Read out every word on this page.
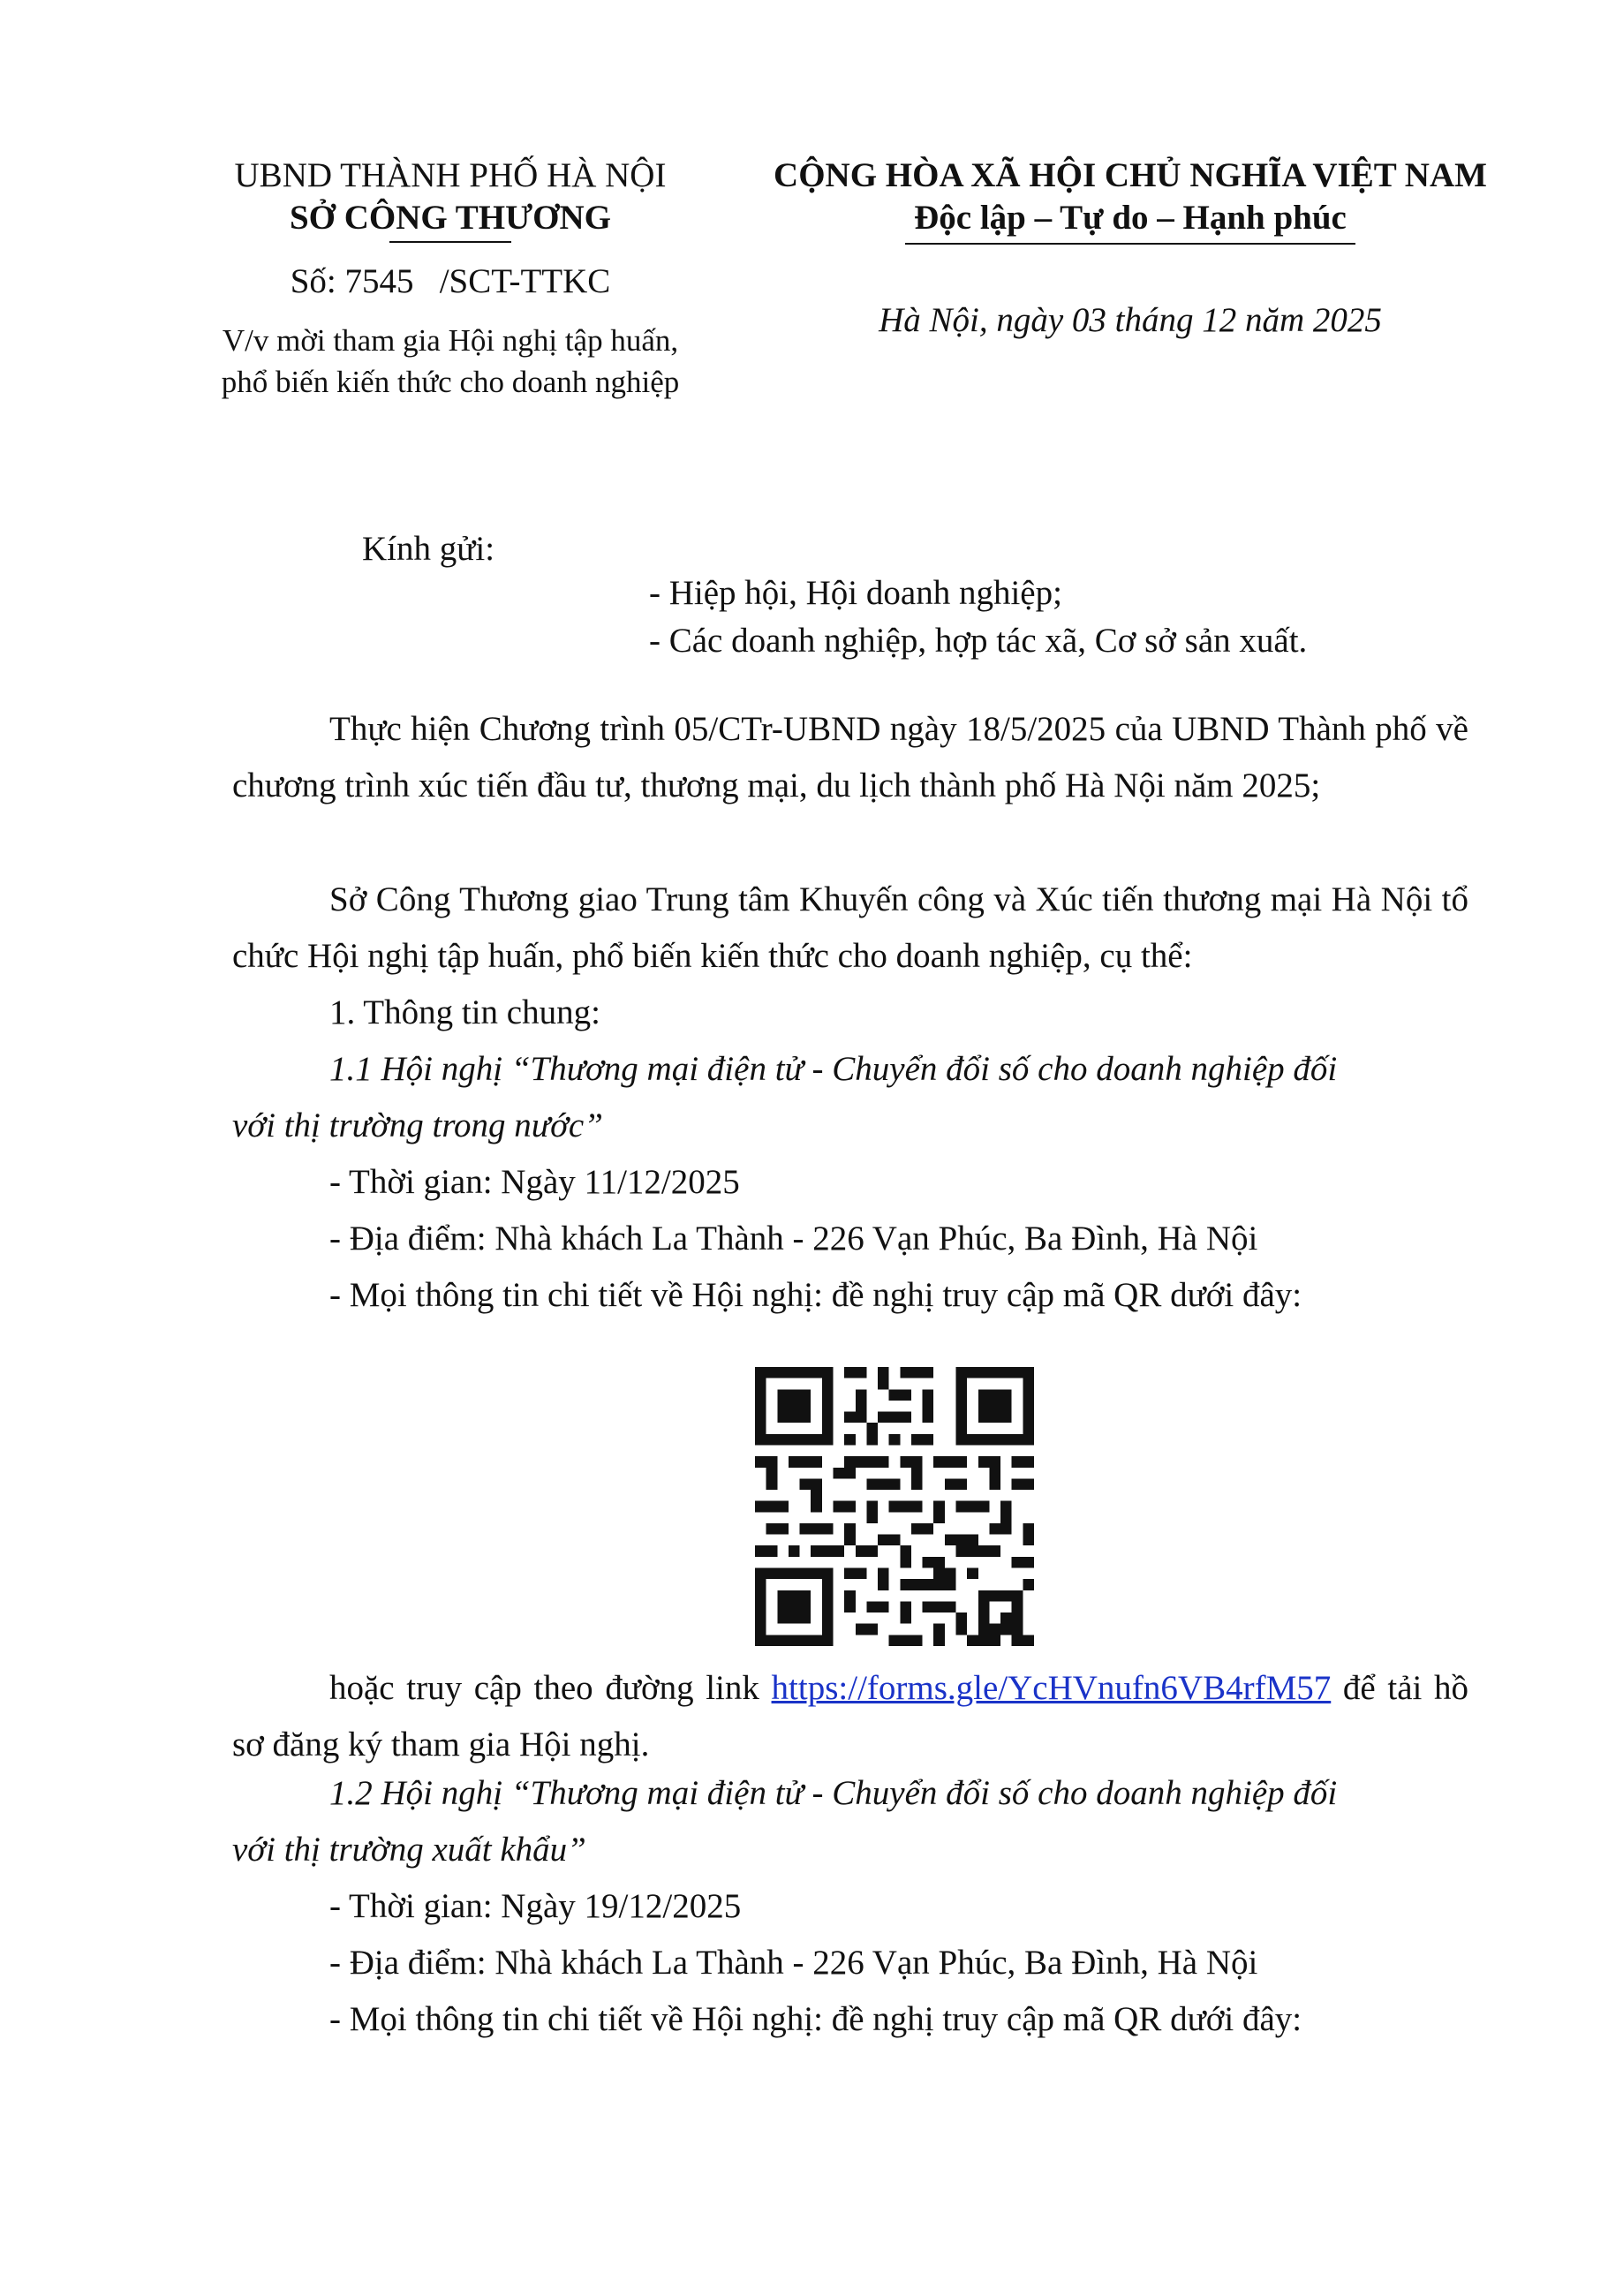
UBND THÀNH PHỐ HÀ NỘI
SỞ CÔNG THƯƠNG
CỘNG HÒA XÃ HỘI CHỦ NGHĨA VIỆT NAM
Độc lập – Tự do – Hạnh phúc
Số: 7545   /SCT-TTKC
V/v mời tham gia Hội nghị tập huấn,
phổ biến kiến thức cho doanh nghiệp
Hà Nội, ngày 03 tháng 12 năm 2025
Kính gửi:
- Hiệp hội, Hội doanh nghiệp;
- Các doanh nghiệp, hợp tác xã, Cơ sở sản xuất.
Thực hiện Chương trình 05/CTr-UBND ngày 18/5/2025 của UBND Thành phố về chương trình xúc tiến đầu tư, thương mại, du lịch thành phố Hà Nội năm 2025;
Sở Công Thương giao Trung tâm Khuyến công và Xúc tiến thương mại Hà Nội tổ chức Hội nghị tập huấn, phổ biến kiến thức cho doanh nghiệp, cụ thể:
1. Thông tin chung:
1.1 Hội nghị “Thương mại điện tử - Chuyển đổi số cho doanh nghiệp đối
với thị trường trong nước”
- Thời gian: Ngày 11/12/2025
- Địa điểm: Nhà khách La Thành - 226 Vạn Phúc, Ba Đình, Hà Nội
- Mọi thông tin chi tiết về Hội nghị: đề nghị truy cập mã QR dưới đây:
hoặc truy cập theo đường link https://forms.gle/YcHVnufn6VB4rfM57 để tải hồ sơ đăng ký tham gia Hội nghị.
1.2 Hội nghị “Thương mại điện tử - Chuyển đổi số cho doanh nghiệp đối
với thị trường xuất khẩu”
- Thời gian: Ngày 19/12/2025
- Địa điểm: Nhà khách La Thành - 226 Vạn Phúc, Ba Đình, Hà Nội
- Mọi thông tin chi tiết về Hội nghị: đề nghị truy cập mã QR dưới đây:
